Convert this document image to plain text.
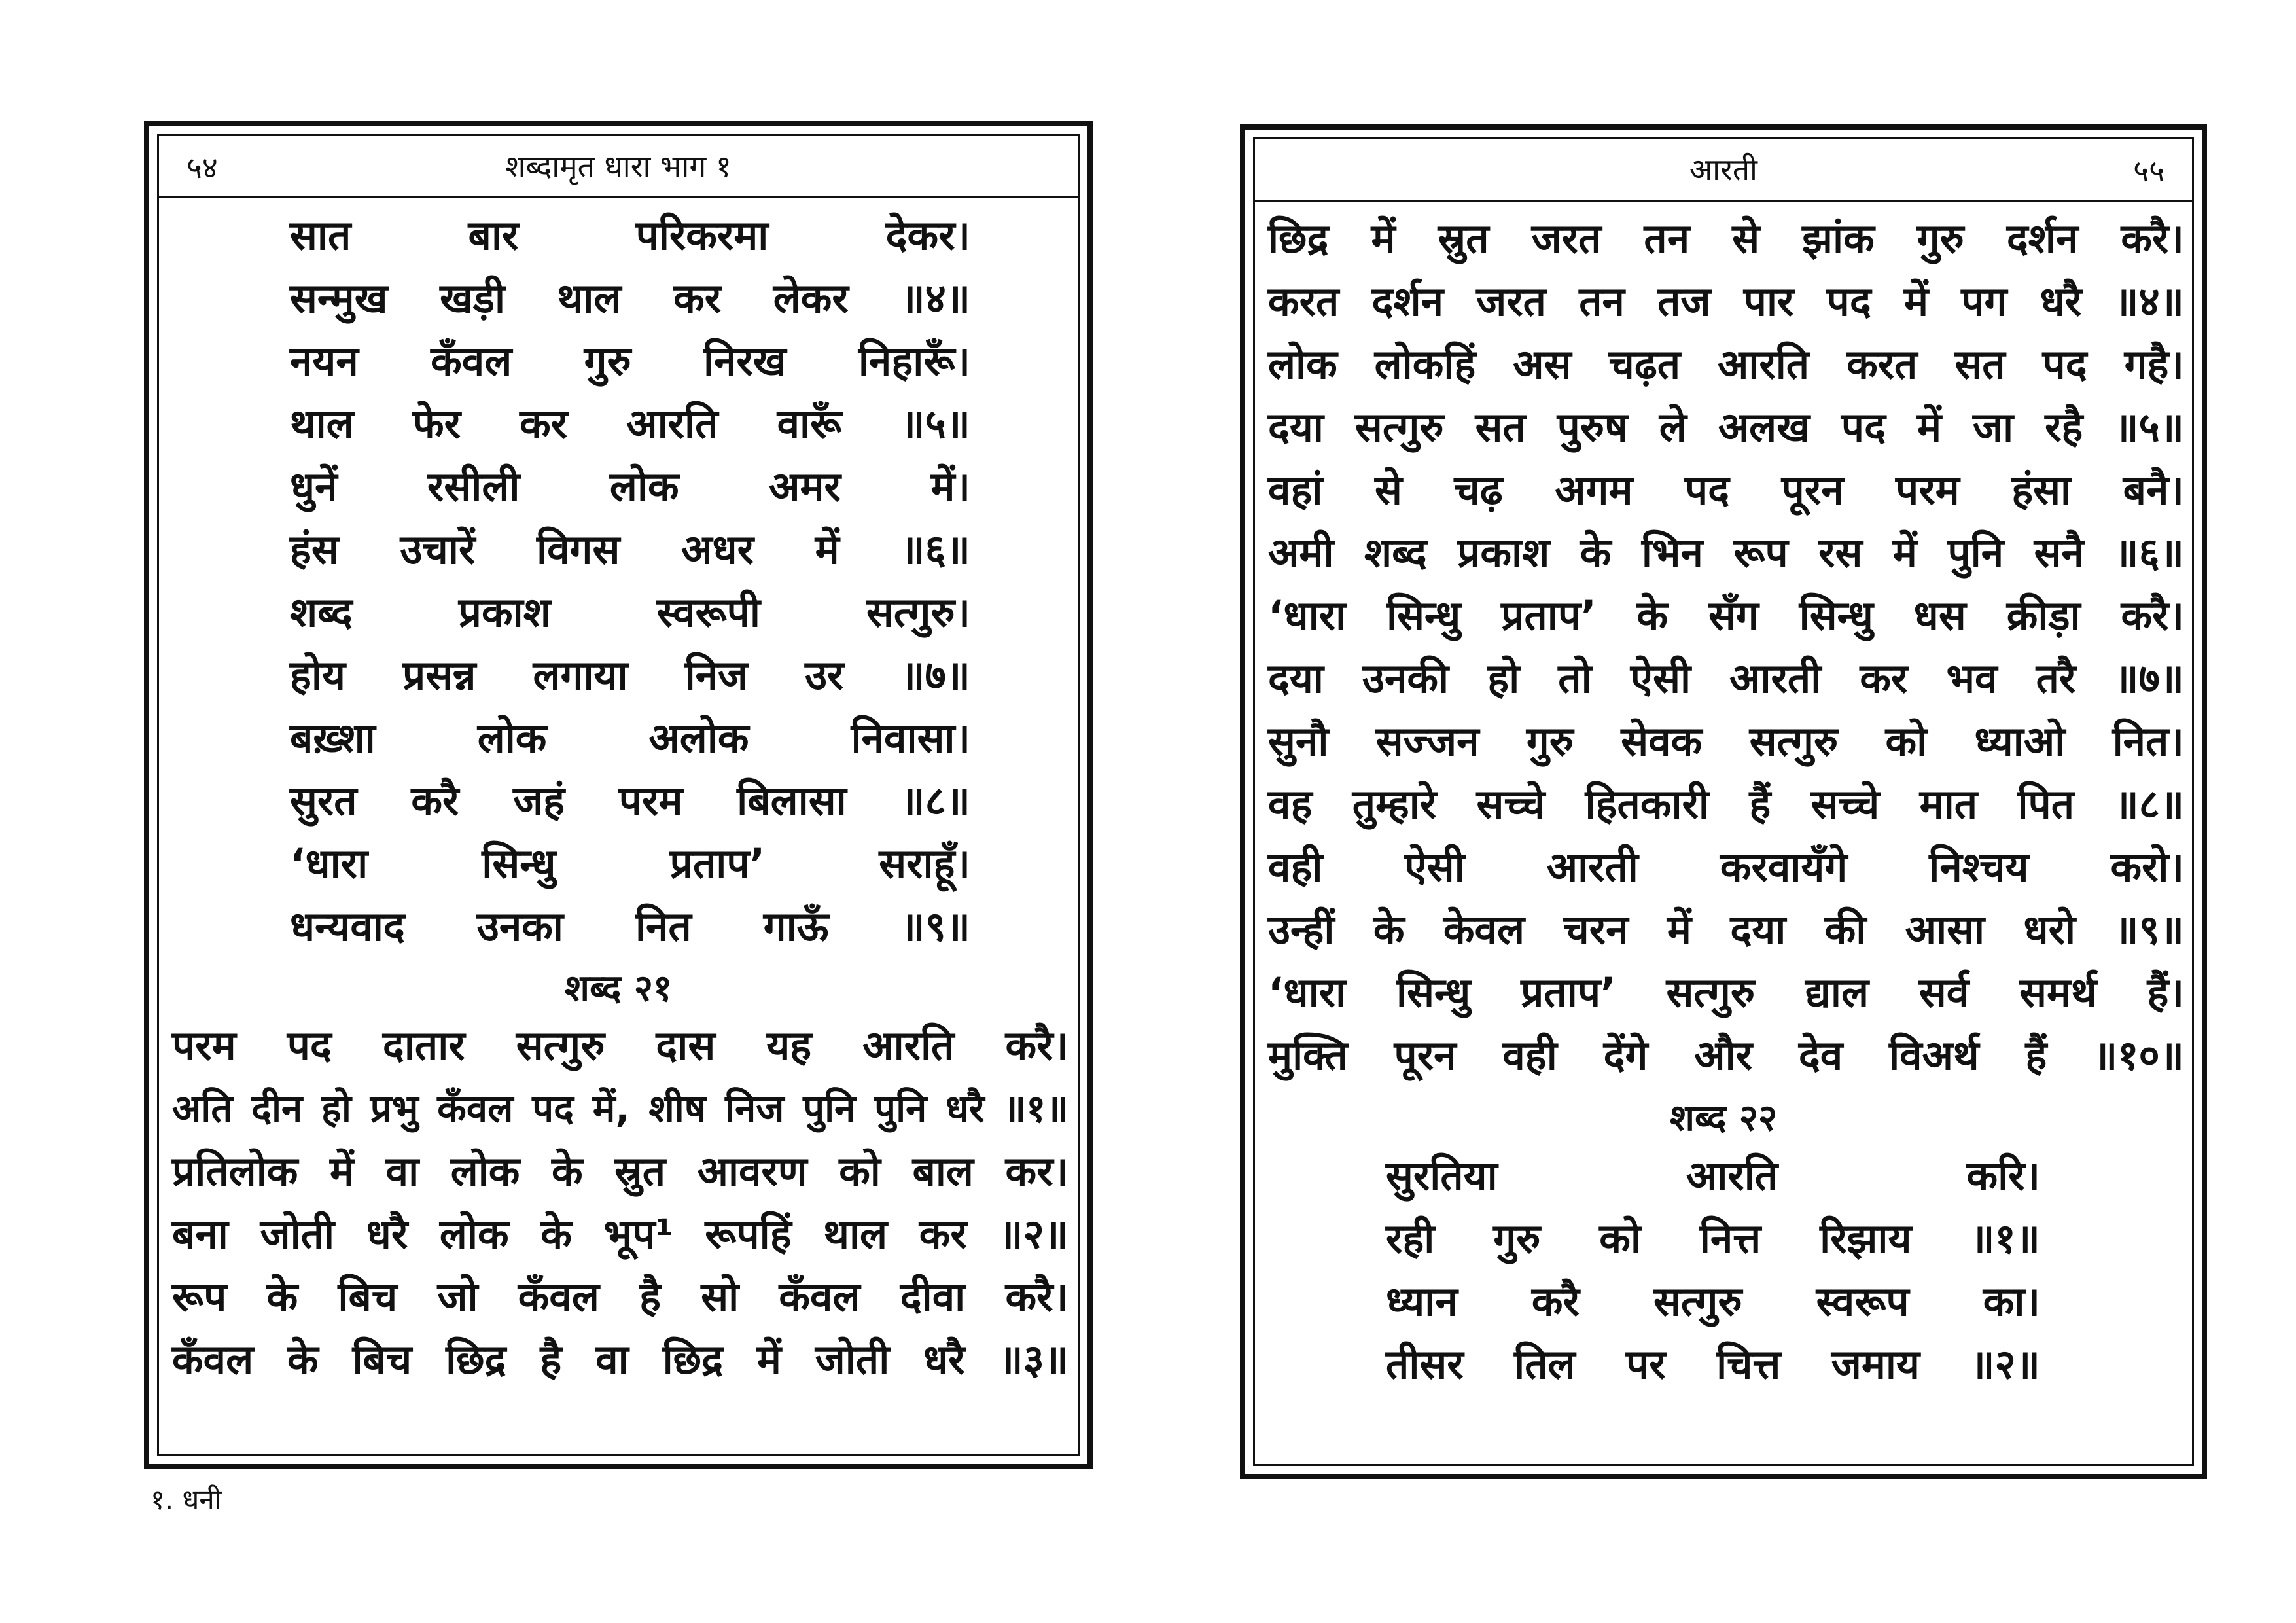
५४	शब्दामृत धारा भाग १
सात	बार	परिकरमा	देकर।
सन्मुख खड़ी थाल कर लेकर ॥४॥
नयन कँवल गुरु निरख निहारूँ।
थाल फेर कर आरति वारूँ ॥५॥
धुनें रसीली लोक अमर में।
हंस उचारें विगस अधर में ॥६॥
शब्द	प्रकाश	स्वरूपी	सत्गुरु।
होय प्रसन्न लगाया निज उर ॥७॥
बख़्शा	लोक	अलोक	निवासा।
सुरत करै जहं परम बिलासा ॥८॥
‘धारा	सिन्धु	प्रताप’	सराहूँ।
धन्यवाद उनका नित गाऊँ ॥९॥
शब्द २१
परम पद दातार सत्गुरु दास यह आरति करै।
अति दीन हो प्रभु कँवल पद में, शीष निज पुनि पुनि धरै ॥१॥
प्रतिलोक में वा लोक के स्रुत आवरण को बाल कर।
बना जोती धरै लोक के भूप¹ रूपहिं थाल कर ॥२॥
रूप के बिच जो कँवल है सो कँवल दीवा करै।
कँवल के बिच छिद्र है वा छिद्र में जोती धरै ॥३॥
आरती	५५
छिद्र में स्रुत जरत तन से झांक गुरु दर्शन करै।
करत दर्शन जरत तन तज पार पद में पग धरै ॥४॥
लोक लोकहिं अस चढ़त आरति करत सत पद गहै।
दया सत्गुरु सत पुरुष ले अलख पद में जा रहै ॥५॥
वहां से चढ़ अगम पद पूरन परम हंसा बनै।
अमी शब्द प्रकाश के भिन रूप रस में पुनि सनै ॥६॥
‘धारा सिन्धु प्रताप’ के सँग सिन्धु धस क्रीड़ा करै।
दया उनकी हो तो ऐसी आरती कर भव तरै ॥७॥
सुनौ सज्जन गुरु सेवक सत्गुरु को ध्याओ नित।
वह तुम्हारे सच्चे हितकारी हैं सच्चे मात पित ॥८॥
वही ऐसी आरती करवायँगे निश्चय करो।
उन्हीं के केवल चरन में दया की आसा धरो ॥९॥
‘धारा सिन्धु प्रताप’ सत्गुरु द्याल सर्व समर्थ हैं।
मुक्ति पूरन वही देंगे और देव विअर्थ हैं ॥१०॥
शब्द २२
सुरतिया	आरति	करि।
रही गुरु को नित्त रिझाय ॥१॥
ध्यान करै सत्गुरु स्वरूप का।
तीसर तिल पर चित्त जमाय ॥२॥
१. धनी
